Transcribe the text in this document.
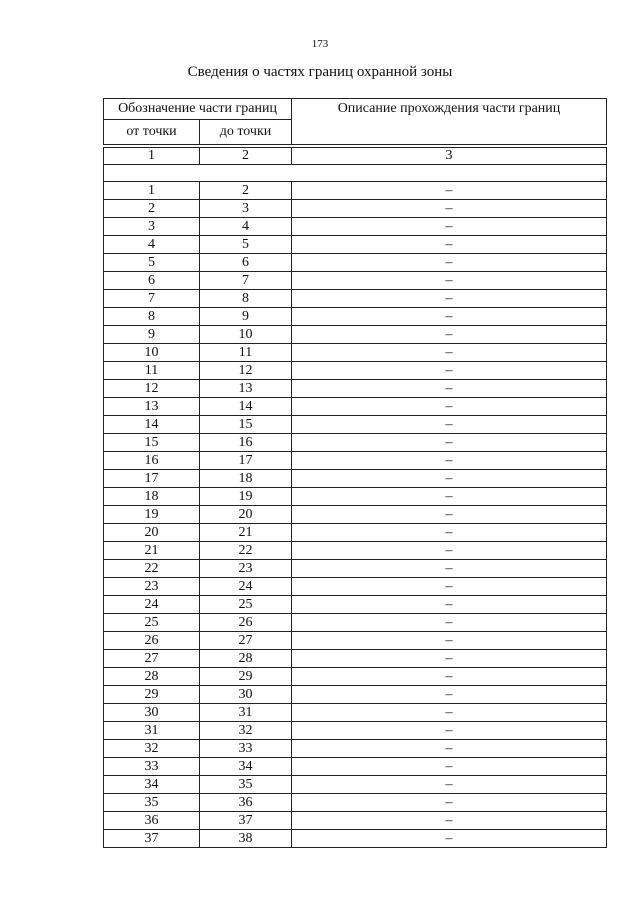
173
Сведения о частях границ охранной зоны
Обозначение части границ		Описание прохождения части границ
от точки	до точки	

1	2	3

1	2	–
2	3	–
3	4	–
4	5	–
5	6	–
6	7	–
7	8	–
8	9	–
9	10	–
10	11	–
11	12	–
12	13	–
13	14	–
14	15	–
15	16	–
16	17	–
17	18	–
18	19	–
19	20	–
20	21	–
21	22	–
22	23	–
23	24	–
24	25	–
25	26	–
26	27	–
27	28	–
28	29	–
29	30	–
30	31	–
31	32	–
32	33	–
33	34	–
34	35	–
35	36	–
36	37	–
37	38	–
